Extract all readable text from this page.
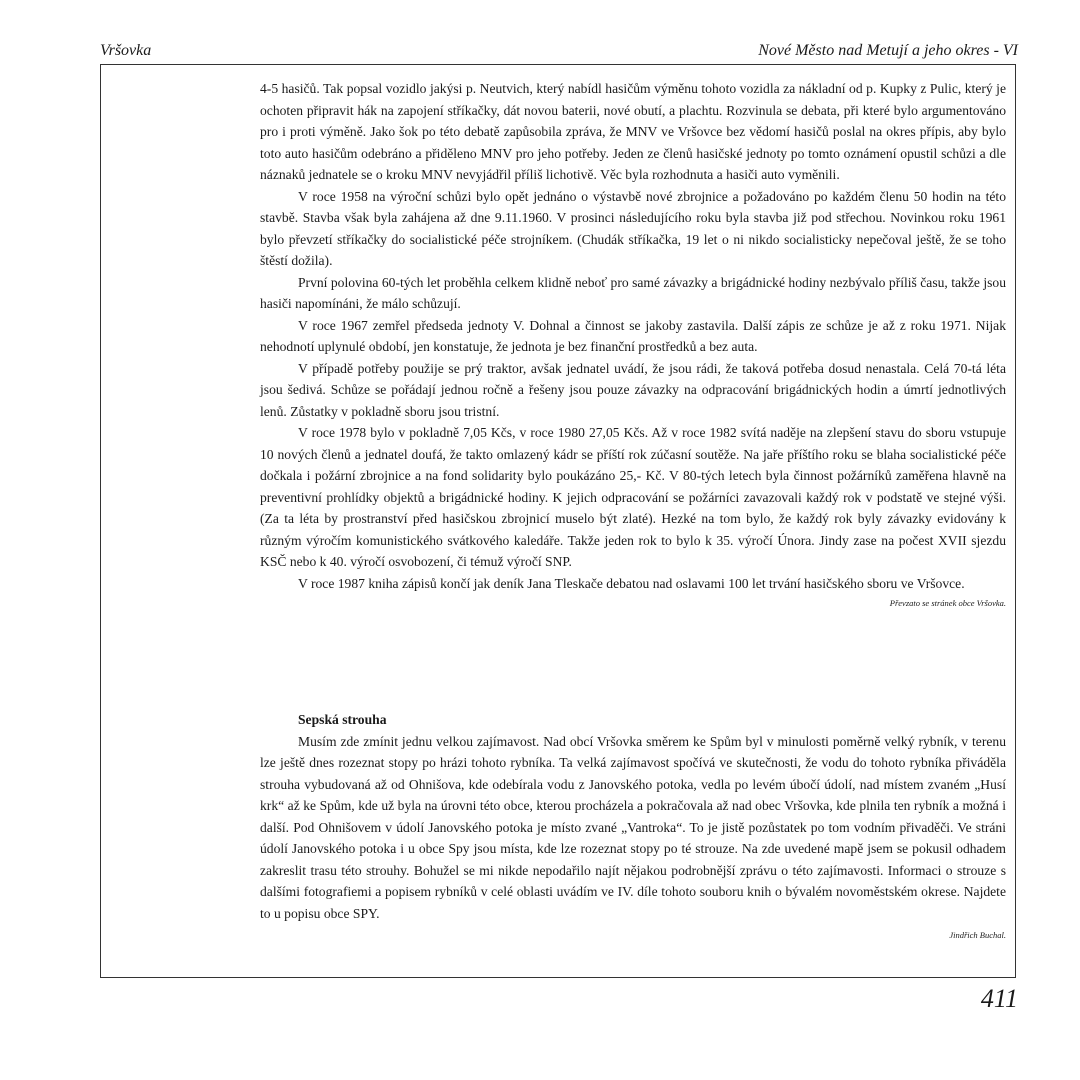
Vršovka	Nové Město nad Metují a jeho okres - VI

4-5 hasičů. Tak popsal vozidlo jakýsi p. Neutvich, který nabídl hasičům výměnu tohoto vozidla za nákladní od p. Kupky z Pulic, který je ochoten připravit hák na zapojení stříkačky, dát novou baterii, nové obutí, a plachtu. Rozvinula se debata, při které bylo argumentováno pro i proti výměně. Jako šok po této debatě zapůsobila zpráva, že MNV ve Vršovce bez vědomí hasičů poslal na okres přípis, aby bylo toto auto hasičům odebráno a přiděleno MNV pro jeho potřeby. Jeden ze členů hasičské jednoty po tomto oznámení opustil schůzi a dle náznaků jednatele se o kroku MNV nevyjádřil příliš lichotivě. Věc byla rozhodnuta a hasiči auto vyměnili.

V roce 1958 na výroční schůzi bylo opět jednáno o výstavbě nové zbrojnice a požadováno po každém členu 50 hodin na této stavbě. Stavba však byla zahájena až dne 9.11.1960. V prosinci následujícího roku byla stavba již pod střechou. Novinkou roku 1961 bylo převzetí stříkačky do socialistické péče strojníkem. (Chudák stříkačka, 19 let o ni nikdo socialisticky nepečoval ještě, že se toho štěstí dožila).

První polovina 60-tých let proběhla celkem klidně neboť pro samé závazky a brigádnické hodiny nezbývalo příliš času, takže jsou hasiči napomínáni, že málo schůzují.

V roce 1967 zemřel předseda jednoty V. Dohnal a činnost se jakoby zastavila. Další zápis ze schůze je až z roku 1971. Nijak nehodnotí uplynulé období, jen konstatuje, že jednota je bez finanční prostředků a bez auta.

V případě potřeby použije se prý traktor, avšak jednatel uvádí, že jsou rádi, že taková potřeba dosud nenastala. Celá 70-tá léta jsou šedivá. Schůze se pořádají jednou ročně a řešeny jsou pouze závazky na odpracování brigádnických hodin a úmrtí jednotlivých lenů. Zůstatky v pokladně sboru jsou tristní.

V roce 1978 bylo v pokladně 7,05 Kčs, v roce 1980 27,05 Kčs. Až v roce 1982 svítá naděje na zlepšení stavu do sboru vstupuje 10 nových členů a jednatel doufá, že takto omlazený kádr se příští rok zúčasní soutěže. Na jaře příštího roku se blaha socialistické péče dočkala i požární zbrojnice a na fond solidarity bylo poukázáno 25,- Kč. V 80-tých letech byla činnost požárníků zaměřena hlavně na preventivní prohlídky objektů a brigádnické hodiny. K jejich odpracování se požárníci zavazovali každý rok v podstatě ve stejné výši. (Za ta léta by prostranství před hasičskou zbrojnicí muselo být zlaté). Hezké na tom bylo, že každý rok byly závazky evidovány k různým výročím komunistického svátkového kaledáře. Takže jeden rok to bylo k 35. výročí Února. Jindy zase na počest XVII sjezdu KSČ nebo k 40. výročí osvobození, či témuž výročí SNP.

V roce 1987 kniha zápisů končí jak deník Jana Tleskače debatou nad oslavami 100 let trvání hasičského sboru ve Vršovce.

Převzato se stránek obce Vršovka.
Sepská strouha

Musím zde zmínit jednu velkou zajímavost. Nad obcí Vršovka směrem ke Spům byl v minulosti poměrně velký rybník, v terenu lze ještě dnes rozeznat stopy po hrázi tohoto rybníka. Ta velká zajímavost spočívá ve skutečnosti, že vodu do tohoto rybníka přiváděla strouha vybudovaná až od Ohnišova, kde odebírala vodu z Janovského potoka, vedla po levém úbočí údolí, nad místem zvaném „Husí krk“ až ke Spům, kde už byla na úrovni této obce, kterou procházela a pokračovala až nad obec Vršovka, kde plnila ten rybník a možná i další. Pod Ohnišovem v údolí Janovského potoka je místo zvané „Vantroka“. To je jistě pozůstatek po tom vodním přivaděči. Ve stráni údolí Janovského potoka i u obce Spy jsou místa, kde lze rozeznat stopy po té strouze. Na zde uvedené mapě jsem se pokusil odhadem zakreslit trasu této strouhy. Bohužel se mi nikde nepodařilo najít nějakou podrobnější zprávu o této zajímavosti. Informaci o strouze s dalšími fotografiemi a popisem rybníků v celé oblasti uvádím ve IV. díle tohoto souboru knih o bývalém novoměstském okrese. Najdete to u popisu obce SPY.

Jindřich Buchal.
411
